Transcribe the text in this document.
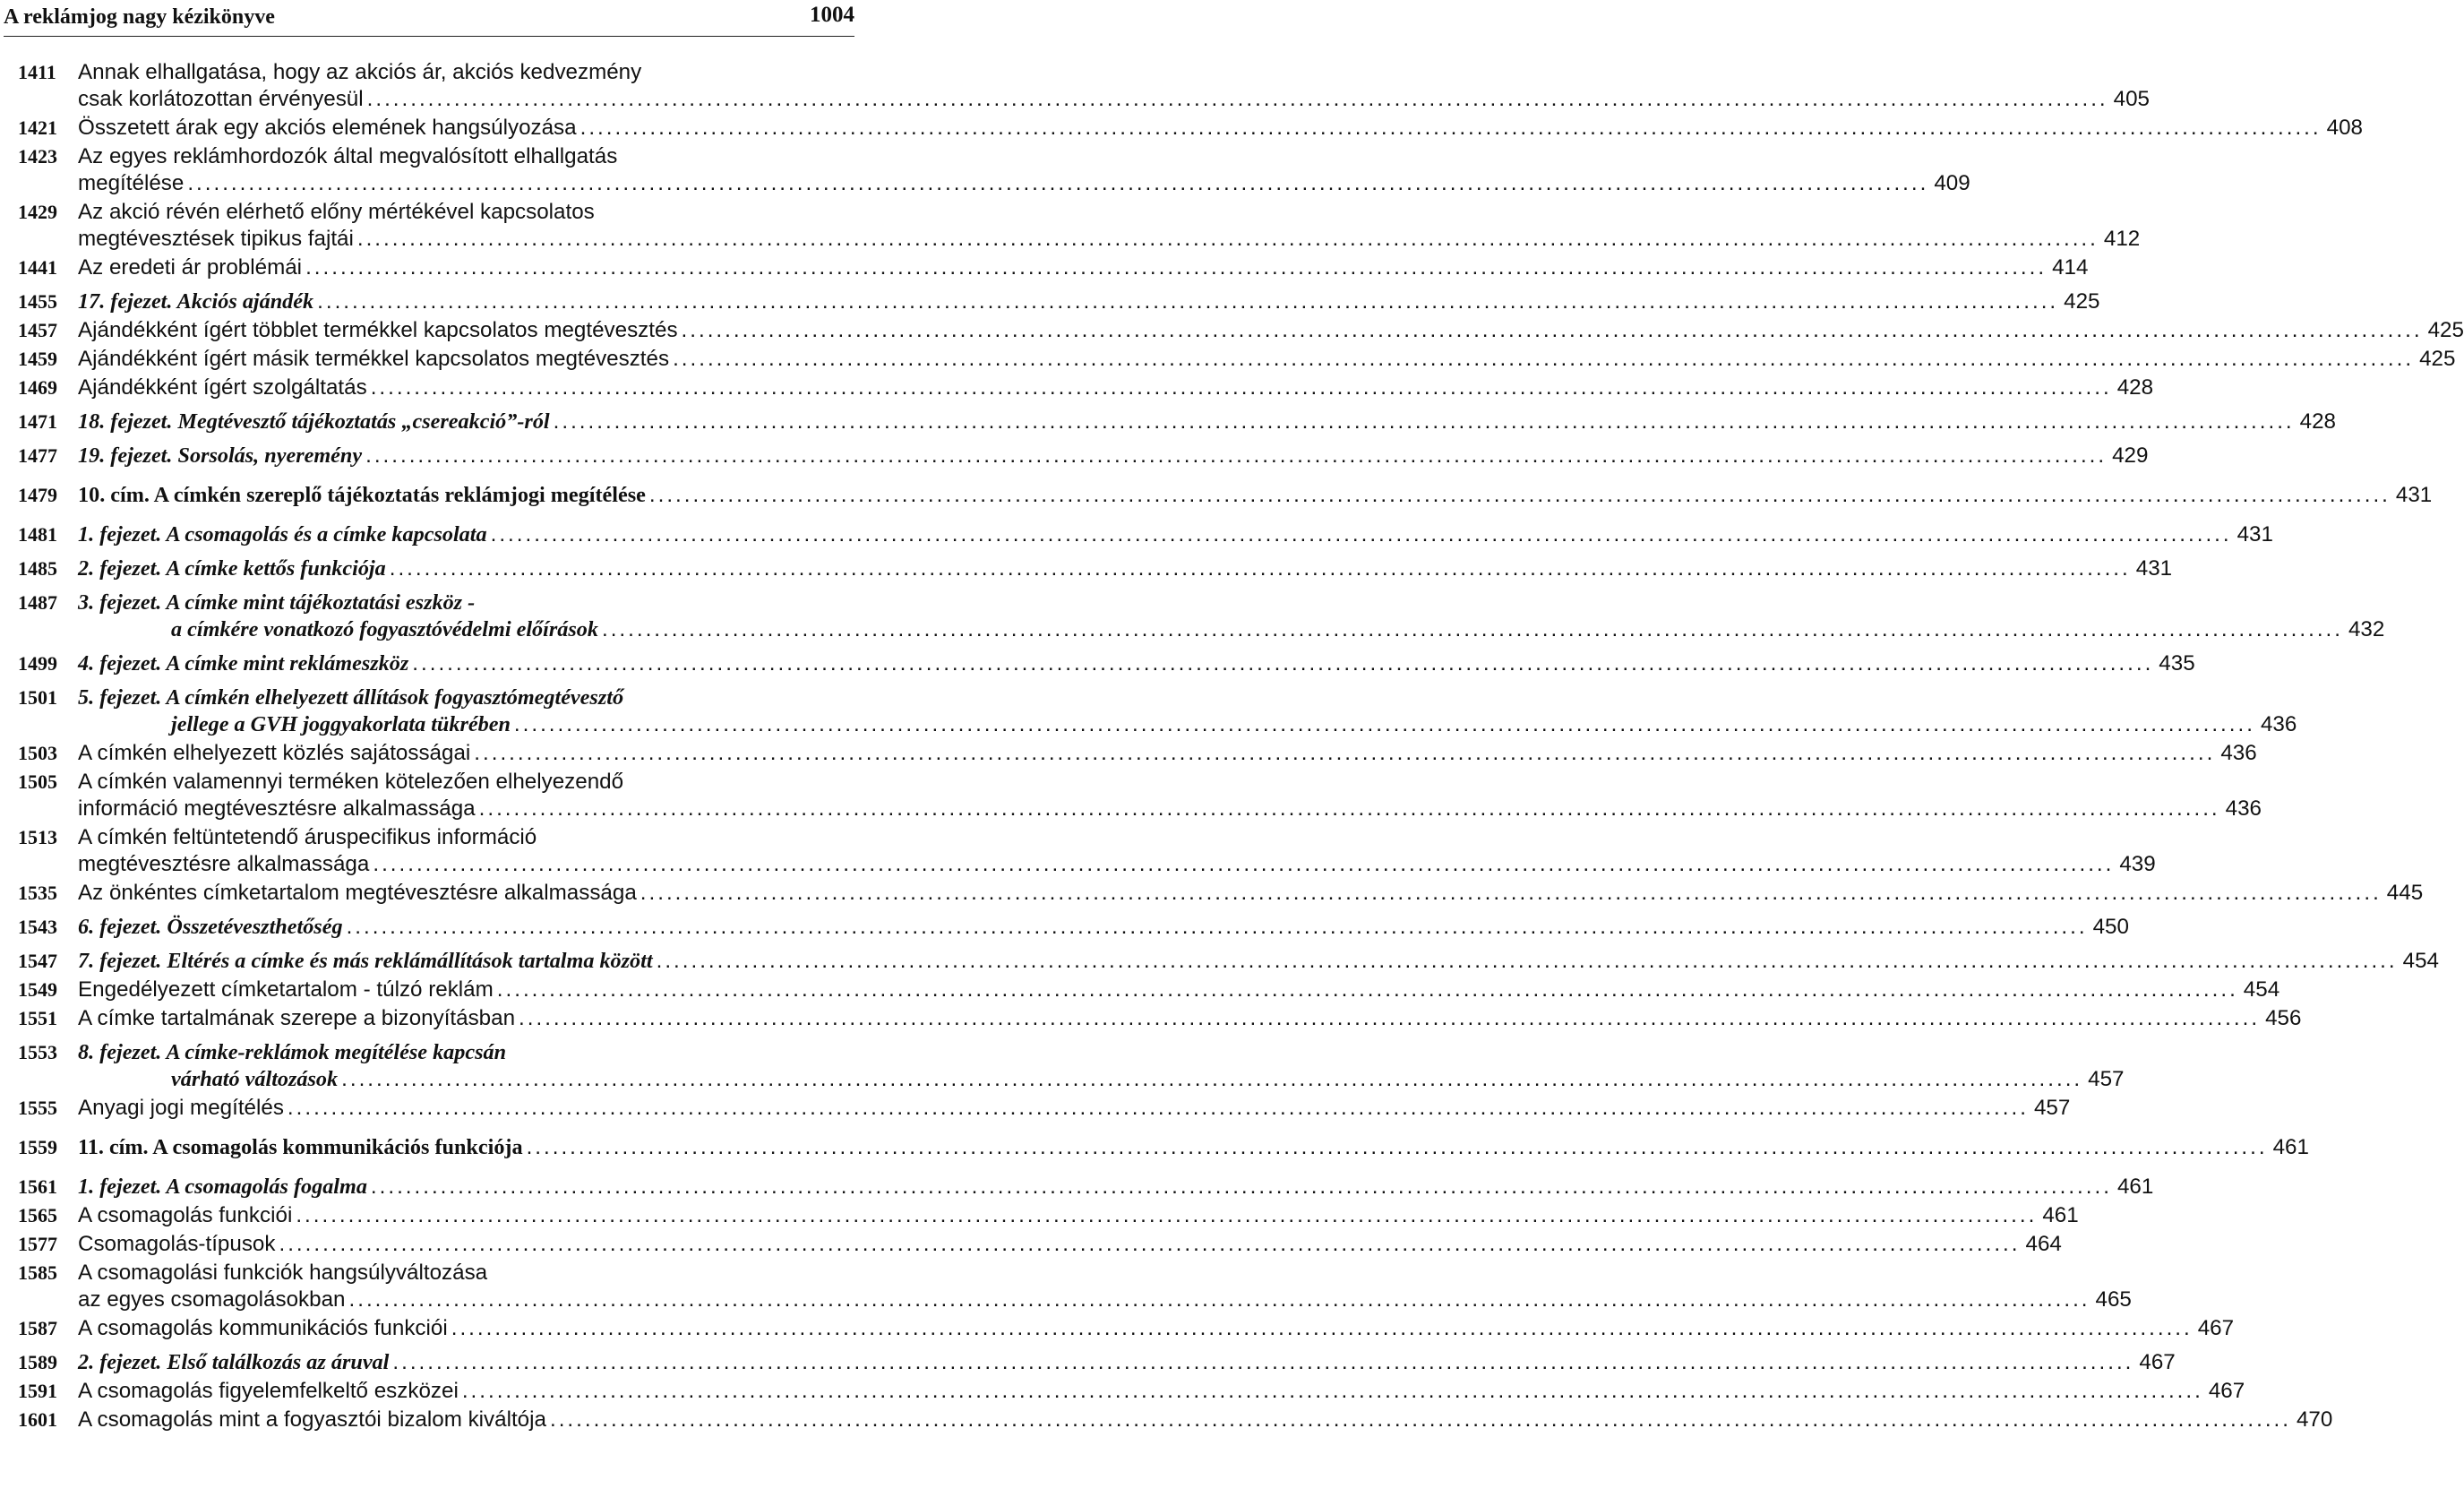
A reklámjog nagy kézikönyve	1004
1411	Annak elhallgatása, hogy az akciós ár, akciós kedvezmény
csak korlátozottan érvényesül .....	405
1421 Összetett árak egy akciós elemének hangsúlyozása .....	408
1423 Az egyes reklámhordozók által megvalósított elhallgatás
megítélése .....	409
1429 Az akció révén elérhető előny mértékével kapcsolatos
megtévesztések tipikus fajtái .....	412
1441 Az eredeti ár problémái .....	414
1455 17. fejezet. Akciós ajándék .....	425
1457 Ajándékként ígért többlet termékkel kapcsolatos megtévesztés .....	425
1459 Ajándékként ígért másik termékkel kapcsolatos megtévesztés .....	425
1469 Ajándékként ígért szolgáltatás .....	428
1471 18. fejezet. Megtévesztő tájékoztatás „csereakció”-ról .....	428
1477 19. fejezet. Sorsolás, nyeremény .....	429
1479 10. cím. A címkén szereplő tájékoztatás reklámjogi megítélése .....	431
1481 1. fejezet. A csomagolás és a címke kapcsolata .....	431
1485 2. fejezet. A címke kettős funkciója .....	431
1487 3. fejezet. A címke mint tájékoztatási eszköz -
a címkére vonatkozó fogyasztóvédelmi előírások .....	432
1499 4. fejezet. A címke mint reklámeszköz .....	435
1501 5. fejezet. A címkén elhelyezett állítások fogyasztómegtévesztő
jellege a GVH joggyakorlata tükrében .....	436
1503 A címkén elhelyezett közlés sajátosságai .....	436
1505 A címkén valamennyi terméken kötelezően elhelyezendő
információ megtévesztésre alkalmassága .....	436
1513 A címkén feltüntetendő áruspecifikus információ
megtévesztésre alkalmassága .....	439
1535 Az önkéntes címketartalom megtévesztésre alkalmassága .....	445
1543 6. fejezet. Összetéveszthetőség .....	450
1547 7. fejezet. Eltérés a címke és más reklámállítások tartalma között .....	454
1549 Engedélyezett címketartalom - túlzó reklám .....	454
1551 A címke tartalmának szerepe a bizonyításban .....	456
1553 8. fejezet. A címke-reklámok megítélése kapcsán
várható változások .....	457
1555 Anyagi jogi megítélés .....	457
1559 11. cím. A csomagolás kommunikációs funkciója .....	461
1561 1. fejezet. A csomagolás fogalma .....	461
1565 A csomagolás funkciói .....	461
1577 Csomagolás-típusok .....	464
1585 A csomagolási funkciók hangsúlyváltozása
az egyes csomagolásokban .....	465
1587 A csomagolás kommunikációs funkciói .....	467
1589 2. fejezet. Első találkozás az áruval .....	467
1591 A csomagolás figyelemfelkeltő eszközei .....	467
1601 A csomagolás mint a fogyasztói bizalom kiváltója .....	470
